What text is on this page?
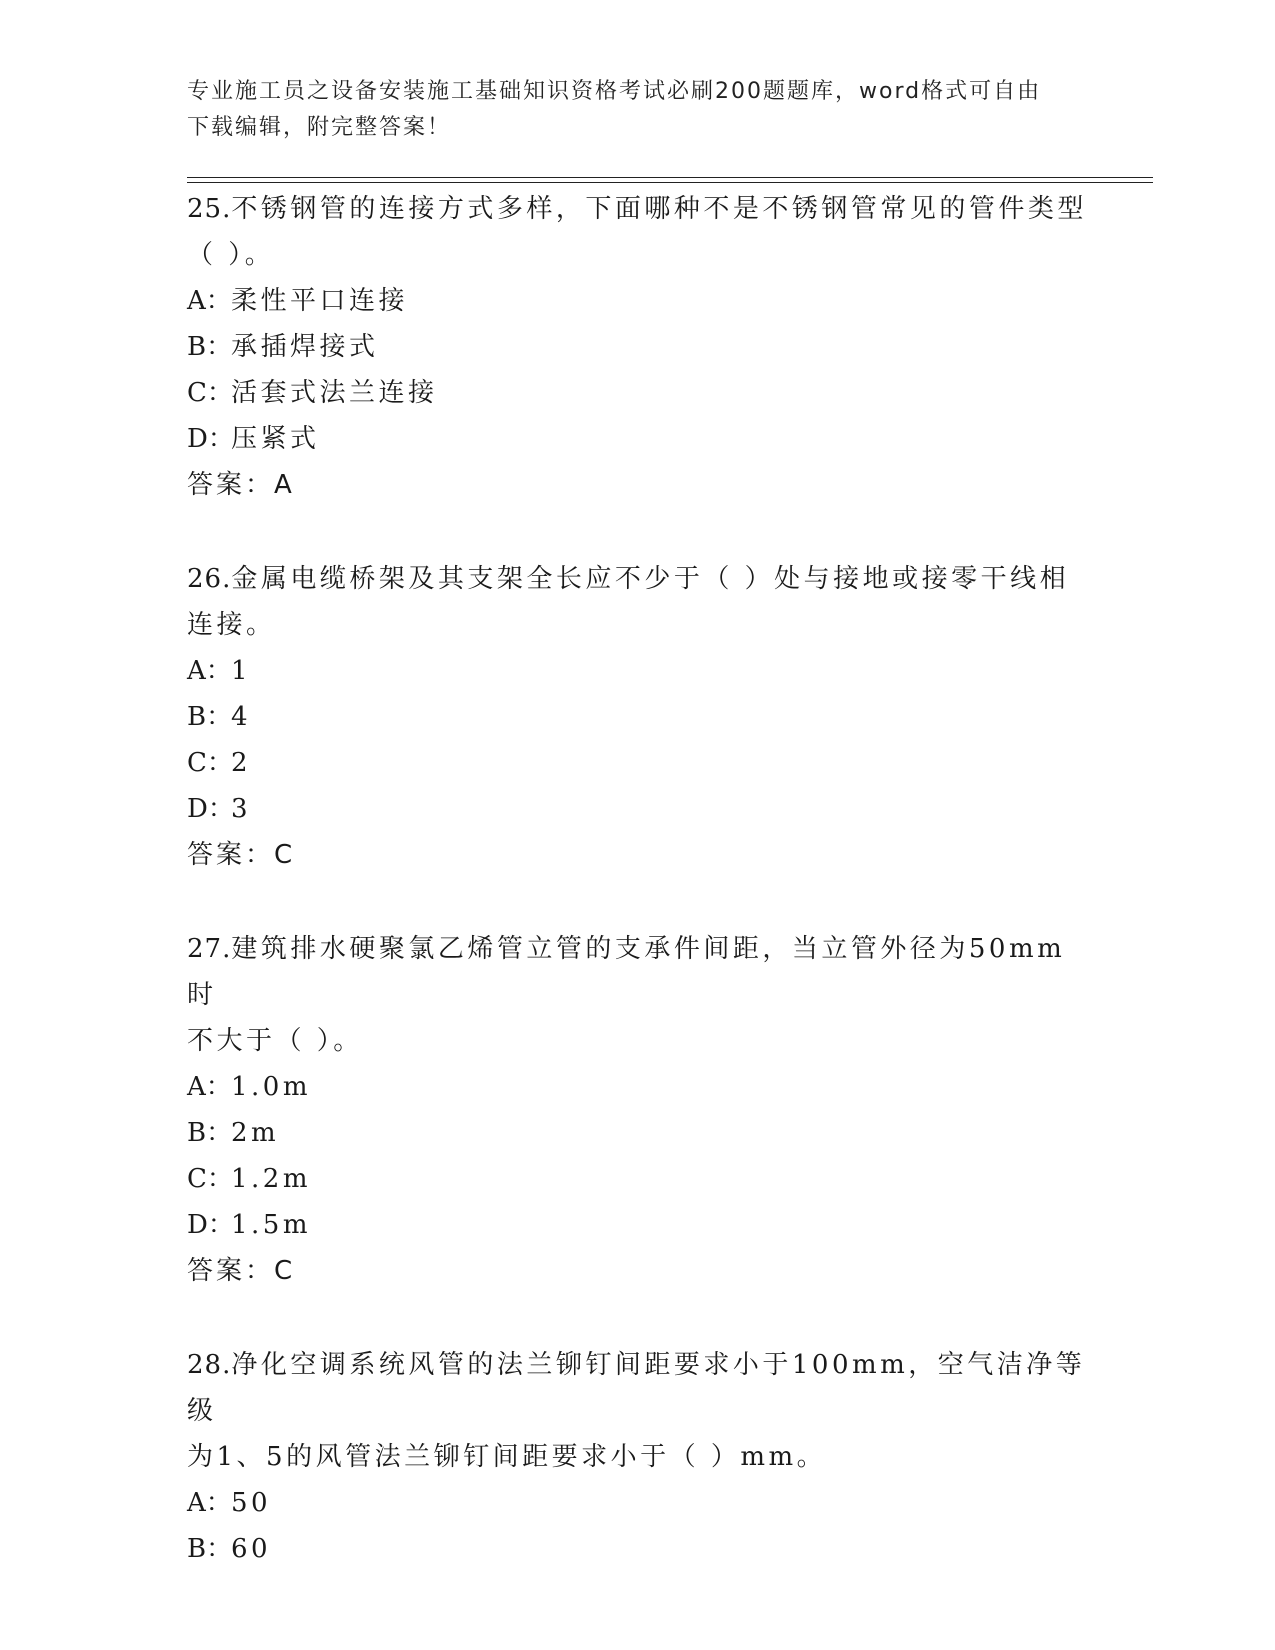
专业施工员之设备安装施工基础知识资格考试必刷200题题库，word格式可自由
下载编辑，附完整答案！

25.不锈钢管的连接方式多样，下面哪种不是不锈钢管常见的管件类型

（ ）。

A： 柔性平口连接

B：
承插焊接式

C：
活套式法兰连接

D：
压紧式

答案：A

26.金属电缆桥架及其支架全长应不少于（ ）处与接地或接零干线相

连接。

A： 1

B：
4

C：
2

D：
3

答案：C

27.建筑排水硬聚氯乙烯管立管的支承件间距，当立管外径为50mm时

不大于（ ）。

A： 1.0m

B：
2m

C：
1.2m

D：
1.5m

答案：C

28.净化空调系统风管的法兰铆钉间距要求小于100mm，空气洁净等级

为1、5的风管法兰铆钉间距要求小于（ ）mm。

A： 50

B：
60
